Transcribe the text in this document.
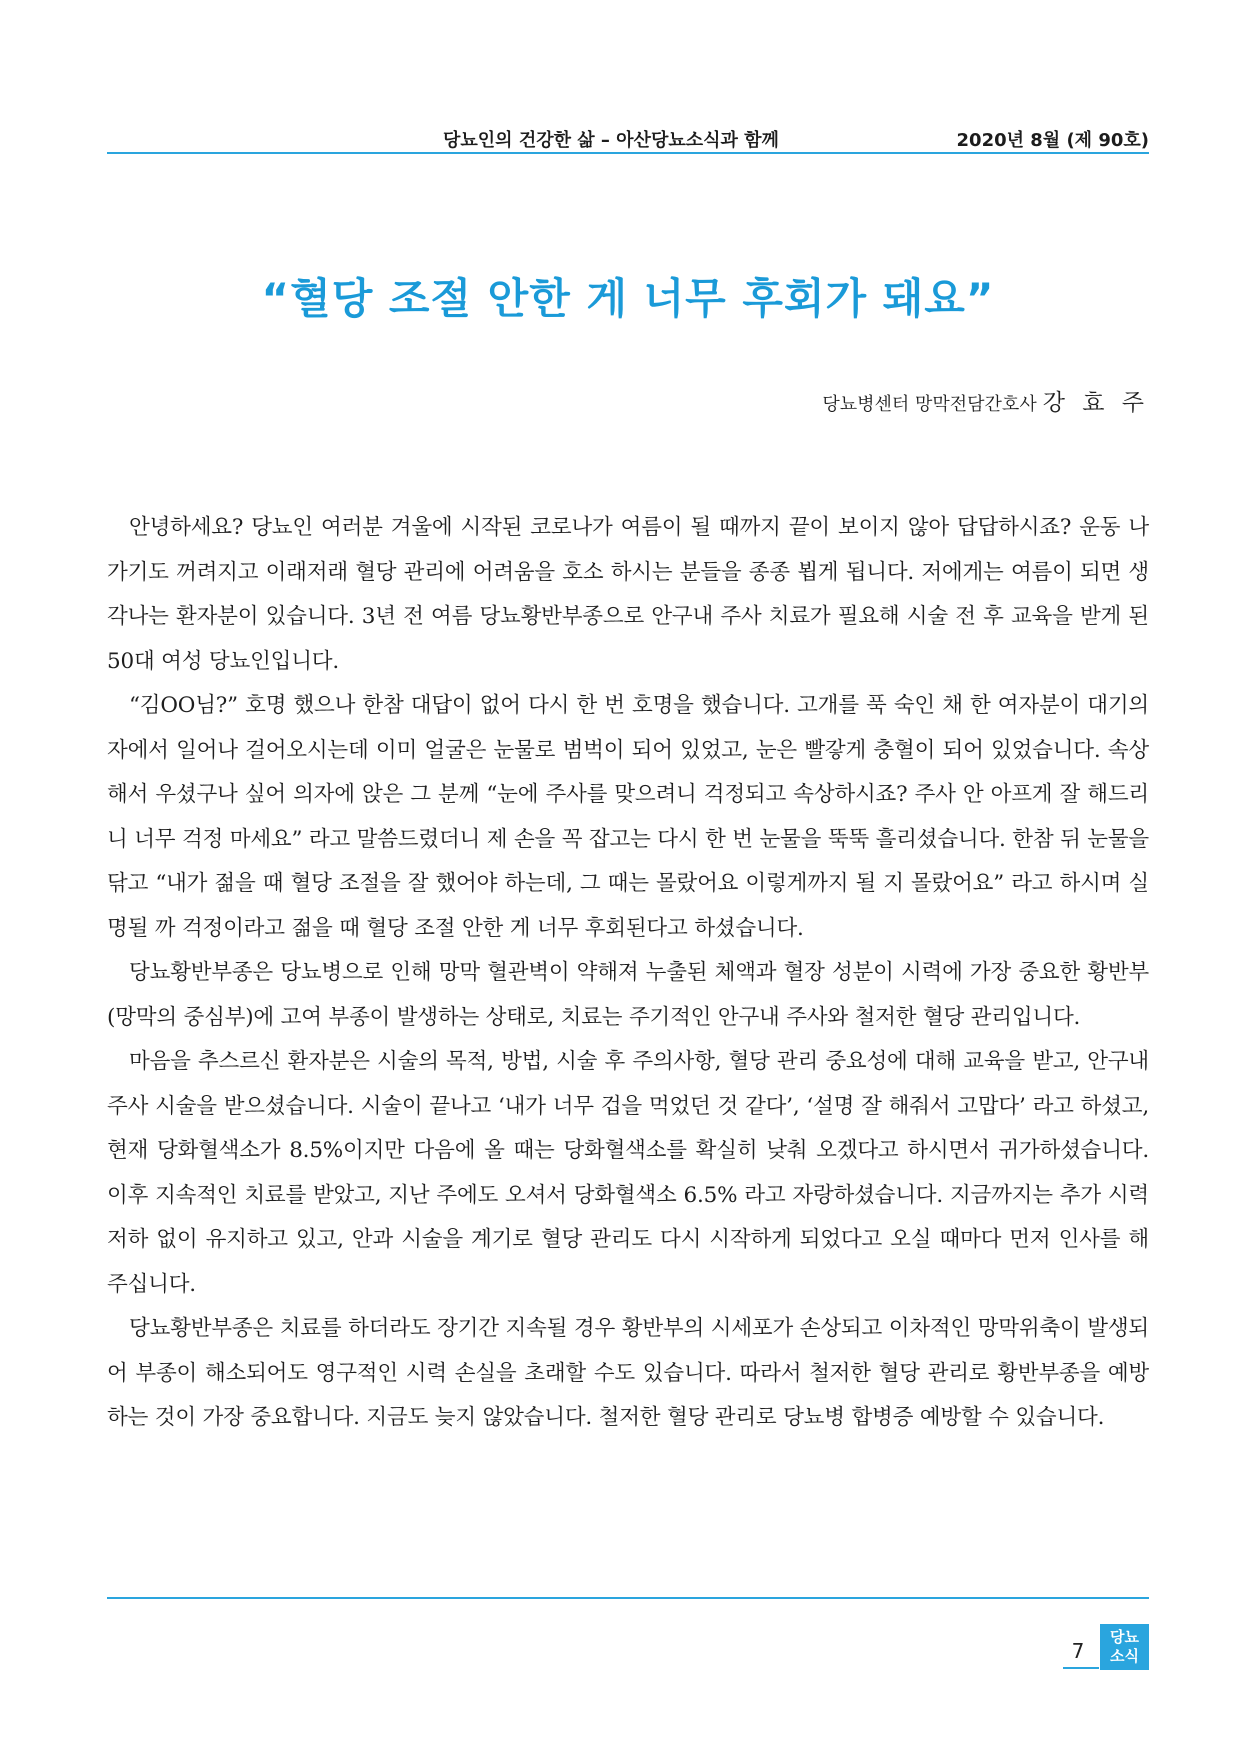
당뇨인의 건강한 삶 – 아산당뇨소식과 함께	2020년 8월 (제 90호)
“혈당 조절 안한 게 너무 후회가 돼요”
당뇨병센터 망막전담간호사 강 효 주

안녕하세요? 당뇨인 여러분 겨울에 시작된 코로나가 여름이 될 때까지 끝이 보이지 않아 답답하시죠? 운동 나가기도 꺼려지고 이래저래 혈당 관리에 어려움을 호소 하시는 분들을 종종 뵙게 됩니다. 저에게는 여름이 되면 생각나는 환자분이 있습니다. 3년 전 여름 당뇨황반부종으로 안구내 주사 치료가 필요해 시술 전 후 교육을 받게 된 50대 여성 당뇨인입니다.

“김OO님?” 호명 했으나 한참 대답이 없어 다시 한 번 호명을 했습니다. 고개를 푹 숙인 채 한 여자분이 대기의자에서 일어나 걸어오시는데 이미 얼굴은 눈물로 범벅이 되어 있었고, 눈은 빨갛게 충혈이 되어 있었습니다. 속상해서 우셨구나 싶어 의자에 앉은 그 분께 “눈에 주사를 맞으려니 걱정되고 속상하시죠? 주사 안 아프게 잘 해드리니 너무 걱정 마세요” 라고 말씀드렸더니 제 손을 꼭 잡고는 다시 한 번 눈물을 뚝뚝 흘리셨습니다. 한참 뒤 눈물을 닦고 “내가 젊을 때 혈당 조절을 잘 했어야 하는데, 그 때는 몰랐어요 이렇게까지 될 지 몰랐어요” 라고 하시며 실명될 까 걱정이라고 젊을 때 혈당 조절 안한 게 너무 후회된다고 하셨습니다.

당뇨황반부종은 당뇨병으로 인해 망막 혈관벽이 약해져 누출된 체액과 혈장 성분이 시력에 가장 중요한 황반부(망막의 중심부)에 고여 부종이 발생하는 상태로, 치료는 주기적인 안구내 주사와 철저한 혈당 관리입니다.

마음을 추스르신 환자분은 시술의 목적, 방법, 시술 후 주의사항, 혈당 관리 중요성에 대해 교육을 받고, 안구내 주사 시술을 받으셨습니다. 시술이 끝나고 ‘내가 너무 겁을 먹었던 것 같다’, ‘설명 잘 해줘서 고맙다’ 라고 하셨고, 현재 당화혈색소가 8.5%이지만 다음에 올 때는 당화혈색소를 확실히 낮춰 오겠다고 하시면서 귀가하셨습니다. 이후 지속적인 치료를 받았고, 지난 주에도 오셔서 당화혈색소 6.5% 라고 자랑하셨습니다. 지금까지는 추가 시력저하 없이 유지하고 있고, 안과 시술을 계기로 혈당 관리도 다시 시작하게 되었다고 오실 때마다 먼저 인사를 해 주십니다.

당뇨황반부종은 치료를 하더라도 장기간 지속될 경우 황반부의 시세포가 손상되고 이차적인 망막위축이 발생되어 부종이 해소되어도 영구적인 시력 손실을 초래할 수도 있습니다. 따라서 철저한 혈당 관리로 황반부종을 예방하는 것이 가장 중요합니다. 지금도 늦지 않았습니다. 철저한 혈당 관리로 당뇨병 합병증 예방할 수 있습니다.

7
당뇨
소식
